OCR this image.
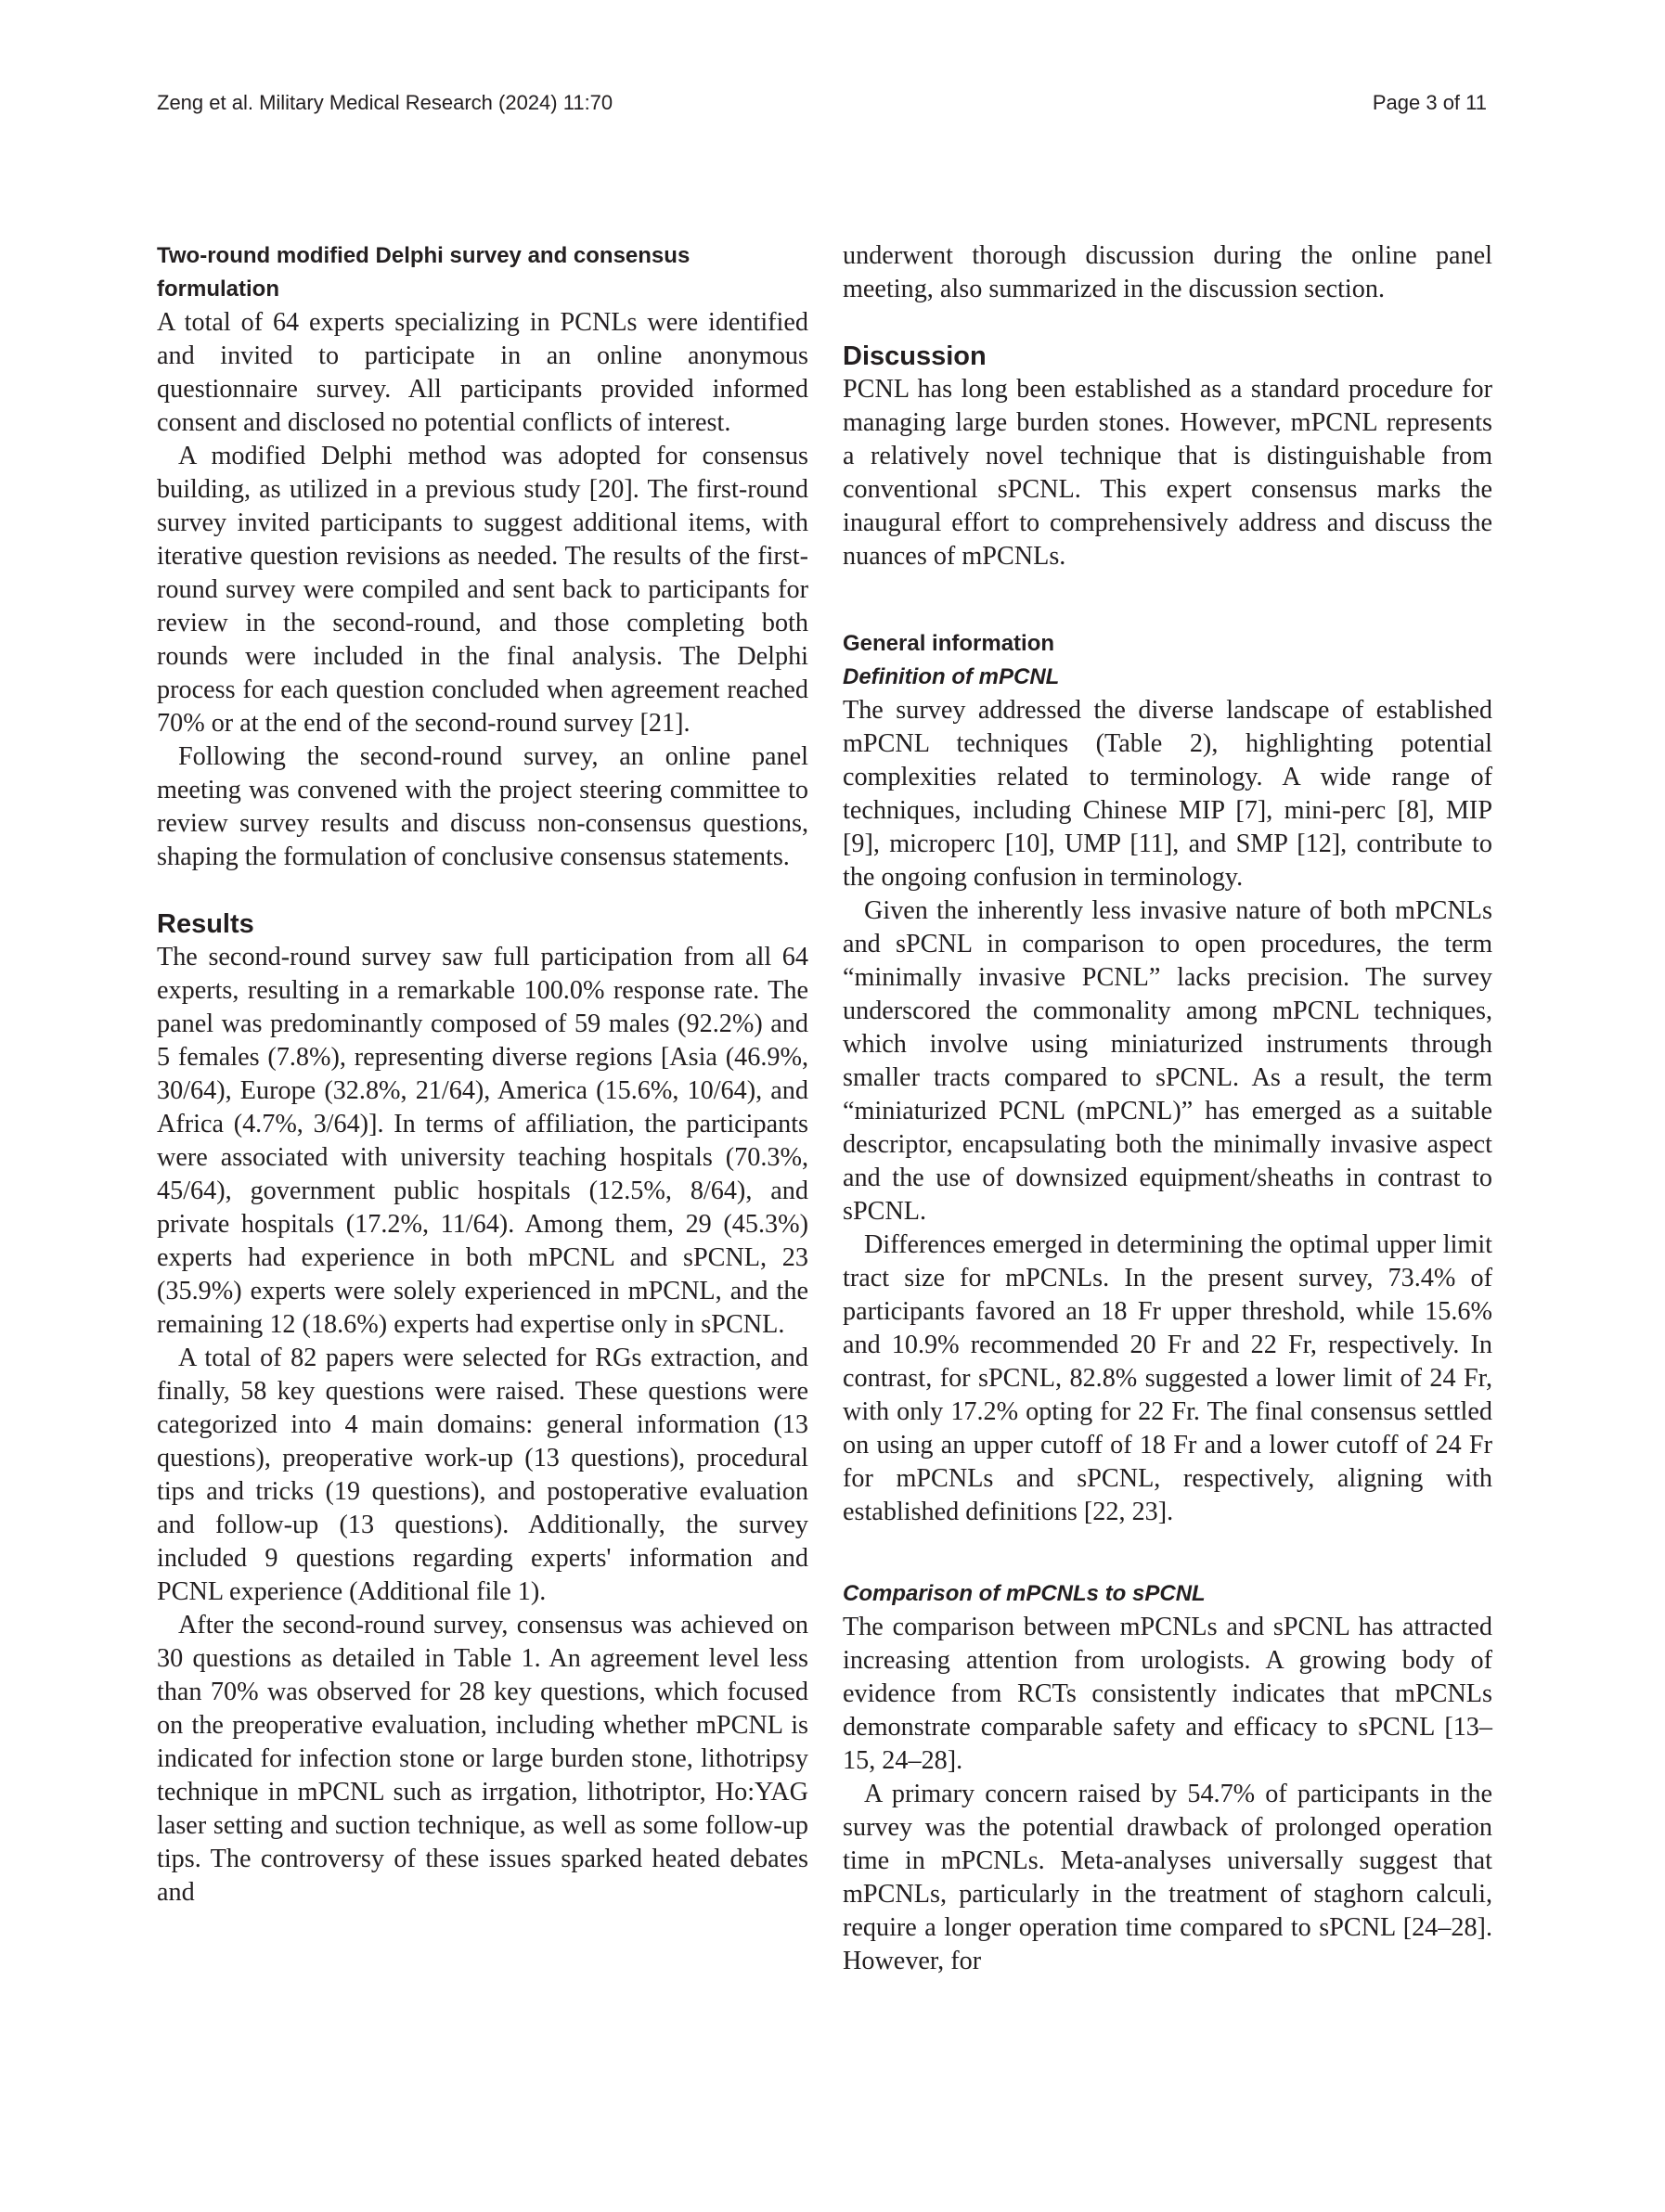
Zeng et al. Military Medical Research (2024) 11:70	Page 3 of 11
Two-round modified Delphi survey and consensus formulation

A total of 64 experts specializing in PCNLs were identified and invited to participate in an online anonymous questionnaire survey. All participants provided informed consent and disclosed no potential conflicts of interest.

A modified Delphi method was adopted for consensus building, as utilized in a previous study [20]. The first-round survey invited participants to suggest additional items, with iterative question revisions as needed. The results of the first-round survey were compiled and sent back to participants for review in the second-round, and those completing both rounds were included in the final analysis. The Delphi process for each question concluded when agreement reached 70% or at the end of the second-round survey [21].

Following the second-round survey, an online panel meeting was convened with the project steering committee to review survey results and discuss non-consensus questions, shaping the formulation of conclusive consensus statements.

Results

The second-round survey saw full participation from all 64 experts, resulting in a remarkable 100.0% response rate. The panel was predominantly composed of 59 males (92.2%) and 5 females (7.8%), representing diverse regions [Asia (46.9%, 30/64), Europe (32.8%, 21/64), America (15.6%, 10/64), and Africa (4.7%, 3/64)]. In terms of affiliation, the participants were associated with university teaching hospitals (70.3%, 45/64), government public hospitals (12.5%, 8/64), and private hospitals (17.2%, 11/64). Among them, 29 (45.3%) experts had experience in both mPCNL and sPCNL, 23 (35.9%) experts were solely experienced in mPCNL, and the remaining 12 (18.6%) experts had expertise only in sPCNL.

A total of 82 papers were selected for RGs extraction, and finally, 58 key questions were raised. These questions were categorized into 4 main domains: general information (13 questions), preoperative work-up (13 questions), procedural tips and tricks (19 questions), and postoperative evaluation and follow-up (13 questions). Additionally, the survey included 9 questions regarding experts' information and PCNL experience (Additional file 1).

After the second-round survey, consensus was achieved on 30 questions as detailed in Table 1. An agreement level less than 70% was observed for 28 key questions, which focused on the preoperative evaluation, including whether mPCNL is indicated for infection stone or large burden stone, lithotripsy technique in mPCNL such as irrgation, lithotriptor, Ho:YAG laser setting and suction technique, as well as some follow-up tips. The controversy of these issues sparked heated debates and

underwent thorough discussion during the online panel meeting, also summarized in the discussion section.

Discussion

PCNL has long been established as a standard procedure for managing large burden stones. However, mPCNL represents a relatively novel technique that is distinguishable from conventional sPCNL. This expert consensus marks the inaugural effort to comprehensively address and discuss the nuances of mPCNLs.

General information
Definition of mPCNL

The survey addressed the diverse landscape of established mPCNL techniques (Table 2), highlighting potential complexities related to terminology. A wide range of techniques, including Chinese MIP [7], mini-perc [8], MIP [9], microperc [10], UMP [11], and SMP [12], contribute to the ongoing confusion in terminology.

Given the inherently less invasive nature of both mPCNLs and sPCNL in comparison to open procedures, the term “minimally invasive PCNL” lacks precision. The survey underscored the commonality among mPCNL techniques, which involve using miniaturized instruments through smaller tracts compared to sPCNL. As a result, the term “miniaturized PCNL (mPCNL)” has emerged as a suitable descriptor, encapsulating both the minimally invasive aspect and the use of downsized equipment/sheaths in contrast to sPCNL.

Differences emerged in determining the optimal upper limit tract size for mPCNLs. In the present survey, 73.4% of participants favored an 18 Fr upper threshold, while 15.6% and 10.9% recommended 20 Fr and 22 Fr, respectively. In contrast, for sPCNL, 82.8% suggested a lower limit of 24 Fr, with only 17.2% opting for 22 Fr. The final consensus settled on using an upper cutoff of 18 Fr and a lower cutoff of 24 Fr for mPCNLs and sPCNL, respectively, aligning with established definitions [22, 23].

Comparison of mPCNLs to sPCNL

The comparison between mPCNLs and sPCNL has attracted increasing attention from urologists. A growing body of evidence from RCTs consistently indicates that mPCNLs demonstrate comparable safety and efficacy to sPCNL [13–15, 24–28].

A primary concern raised by 54.7% of participants in the survey was the potential drawback of prolonged operation time in mPCNLs. Meta-analyses universally suggest that mPCNLs, particularly in the treatment of staghorn calculi, require a longer operation time compared to sPCNL [24–28]. However, for
